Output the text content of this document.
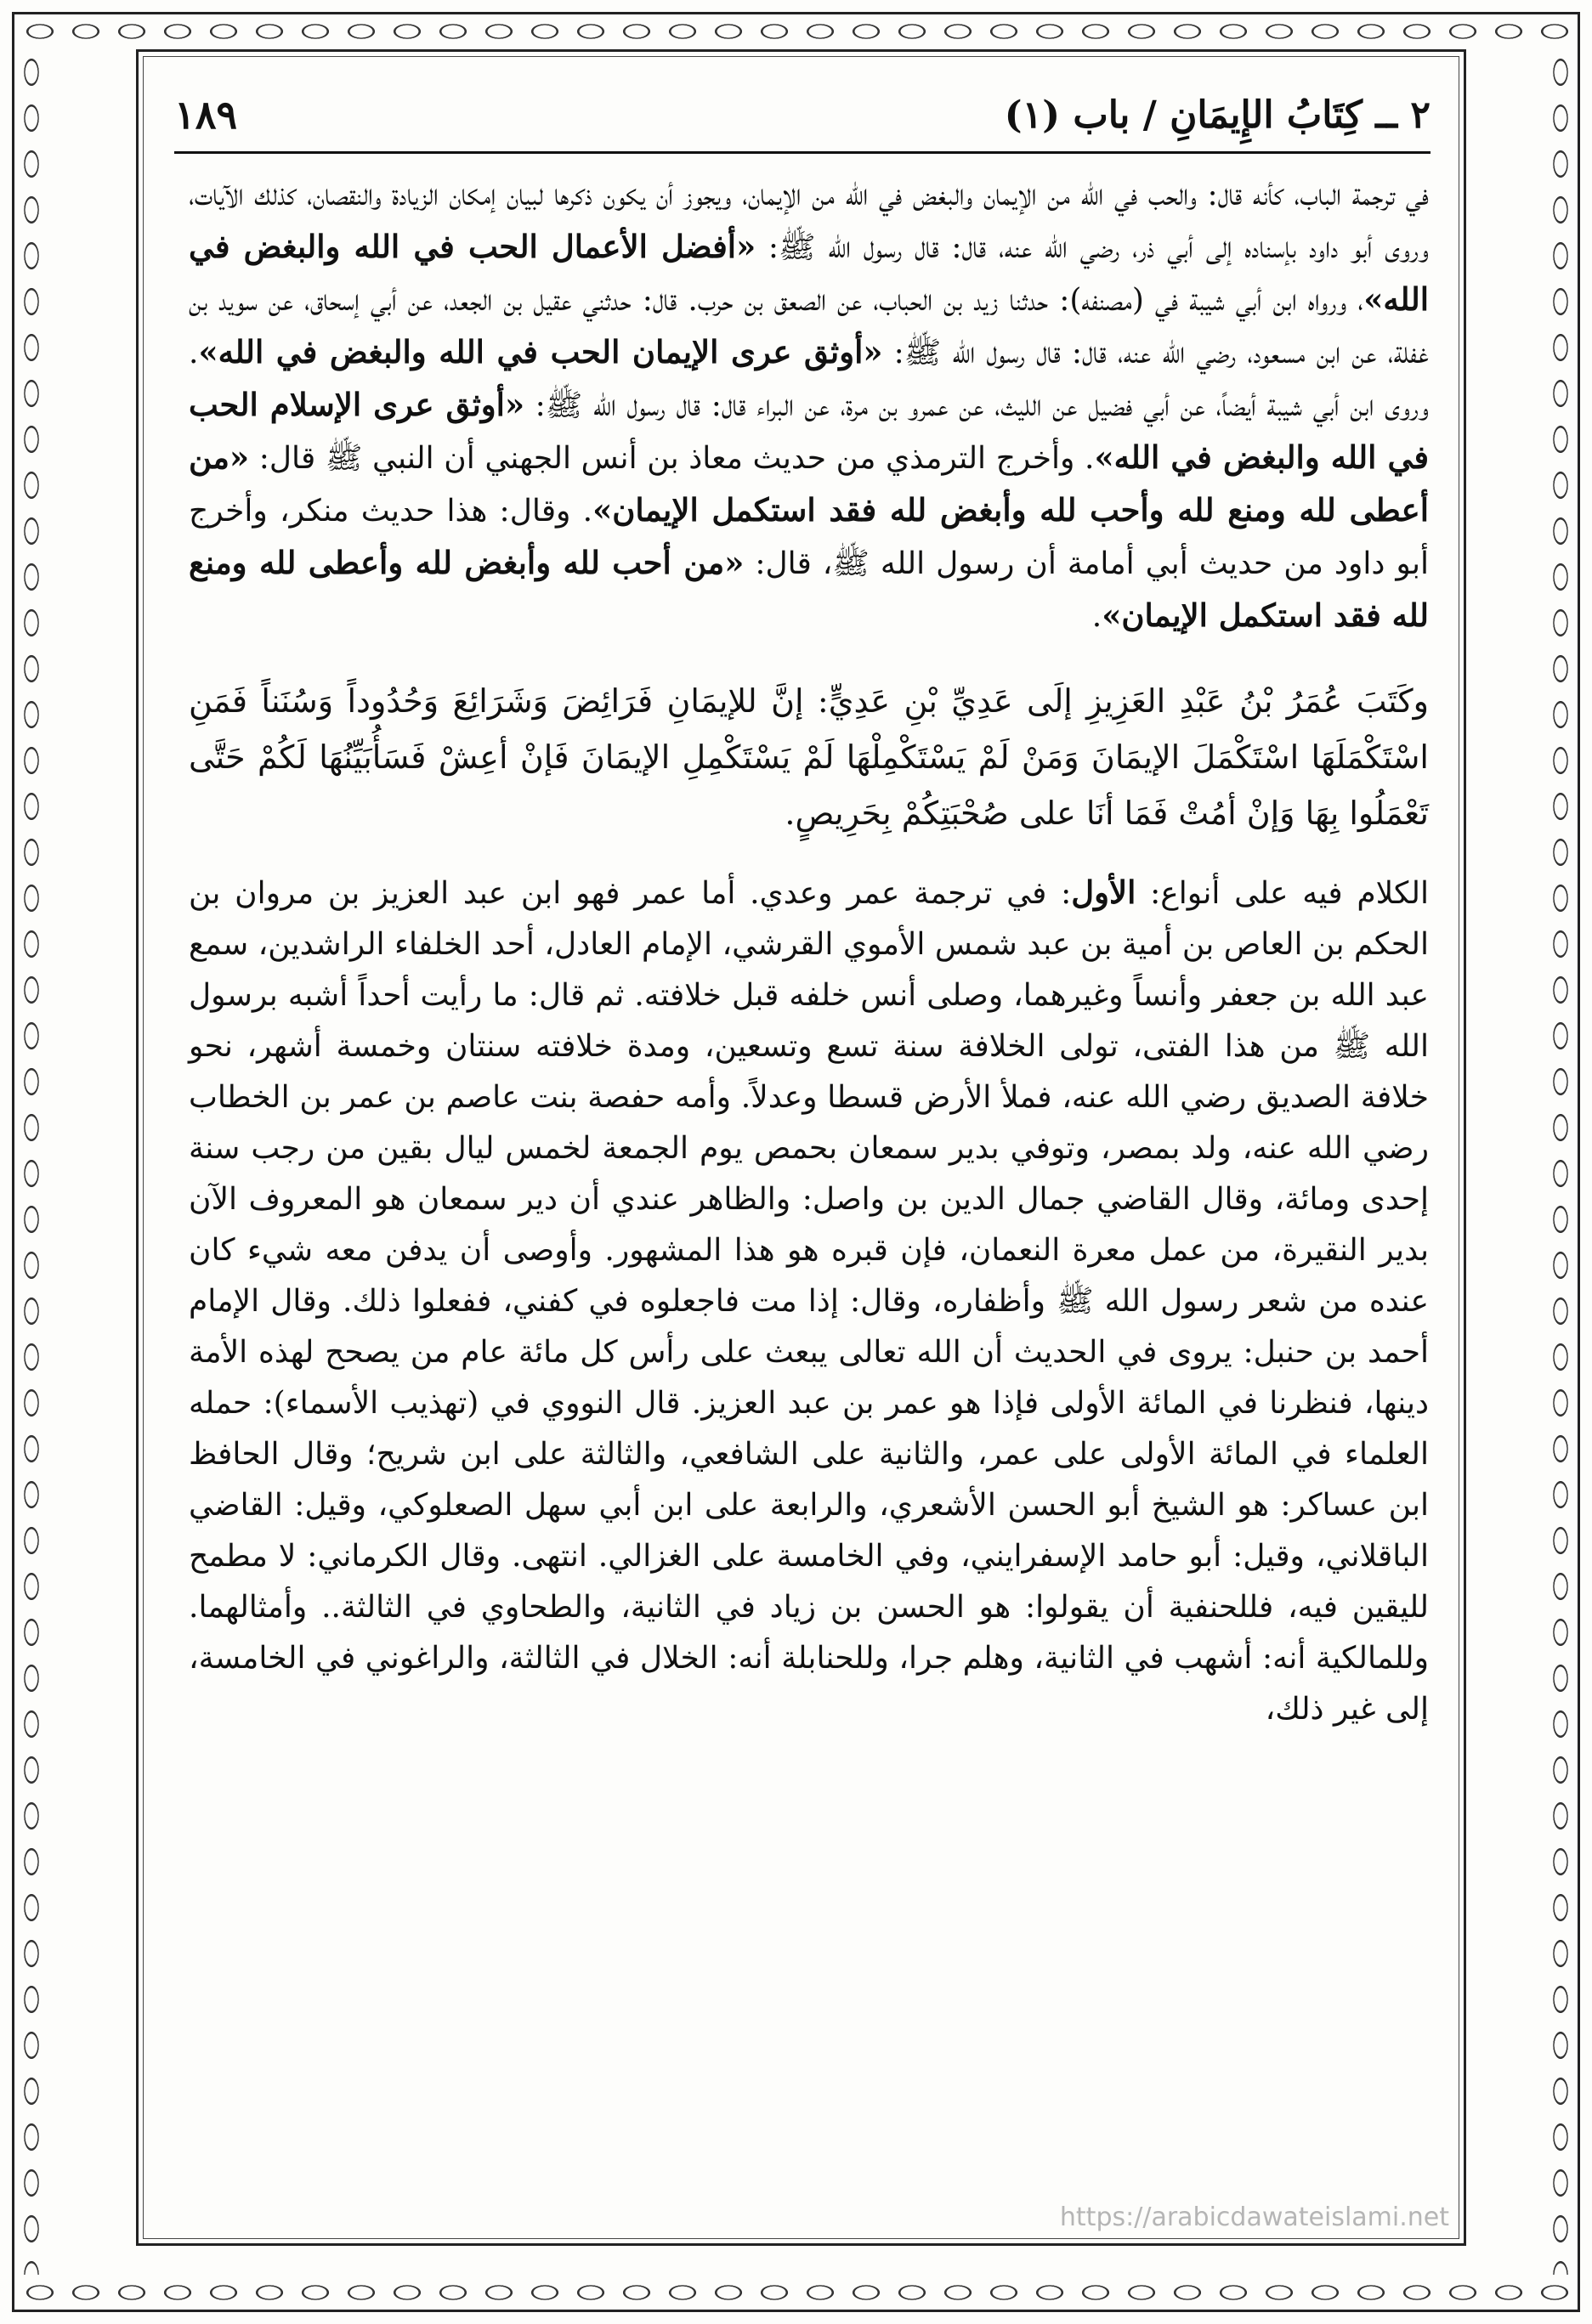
٢ ــ كِتَابُ الإِيمَانِ / باب (١)
١٨٩

في ترجمة الباب، كأنه قال: والحب في الله من الإيمان والبغض في الله من الإيمان، ويجوز أن يكون ذكرها لبيان إمكان الزيادة والنقصان، كذلك الآيات، وروى أبو داود بإسناده إلى أبي ذر، رضي الله عنه، قال: قال رسول الله ﷺ: «أفضل الأعمال الحب في الله والبغض في الله»، ورواه ابن أبي شيبة في (مصنفه): حدثنا زيد بن الحباب، عن الصعق بن حرب. قال: حدثني عقيل بن الجعد، عن أبي إسحاق، عن سويد بن غفلة، عن ابن مسعود، رضي الله عنه، قال: قال رسول الله ﷺ: «أوثق عرى الإيمان الحب في الله والبغض في الله». وروى ابن أبي شيبة أيضاً، عن أبي فضيل عن الليث، عن عمرو بن مرة، عن البراء قال: قال رسول الله ﷺ: «أوثق عرى الإسلام الحب في الله والبغض في الله». وأخرج الترمذي من حديث معاذ بن أنس الجهني أن النبي ﷺ قال: «من أعطى لله ومنع لله وأحب لله وأبغض لله فقد استكمل الإيمان». وقال: هذا حديث منكر، وأخرج أبو داود من حديث أبي أمامة أن رسول الله ﷺ، قال: «من أحب لله وأبغض لله وأعطى لله ومنع لله فقد استكمل الإيمان».

وكَتَبَ عُمَرُ بْنُ عَبْدِ العَزِيزِ إلَى عَدِيِّ بْنِ عَدِيٍّ: إنَّ للإيمَانِ فَرَائِضَ وَشَرَائِعَ وَحُدُوداً وَسُنَناً فَمَنِ اسْتَكْمَلَهَا اسْتَكْمَلَ الإيمَانَ وَمَنْ لَمْ يَسْتَكْمِلْهَا لَمْ يَسْتَكْمِلِ الإيمَانَ فَإنْ أعِشْ فَسَأُبَيِّنُهَا لَكُمْ حَتَّى تَعْمَلُوا بِهَا وَإنْ أمُتْ فَمَا أنَا على صُحْبَتِكُمْ بِحَرِيصٍ.

الكلام فيه على أنواع: الأول: في ترجمة عمر وعدي. أما عمر فهو ابن عبد العزيز بن مروان بن الحكم بن العاص بن أمية بن عبد شمس الأموي القرشي، الإمام العادل، أحد الخلفاء الراشدين، سمع عبد الله بن جعفر وأنساً وغيرهما، وصلى أنس خلفه قبل خلافته. ثم قال: ما رأيت أحداً أشبه برسول الله ﷺ من هذا الفتى، تولى الخلافة سنة تسع وتسعين، ومدة خلافته سنتان وخمسة أشهر، نحو خلافة الصديق رضي الله عنه، فملأ الأرض قسطا وعدلاً. وأمه حفصة بنت عاصم بن عمر بن الخطاب رضي الله عنه، ولد بمصر، وتوفي بدير سمعان بحمص يوم الجمعة لخمس ليال بقين من رجب سنة إحدى ومائة، وقال القاضي جمال الدين بن واصل: والظاهر عندي أن دير سمعان هو المعروف الآن بدير النقيرة، من عمل معرة النعمان، فإن قبره هو هذا المشهور. وأوصى أن يدفن معه شيء كان عنده من شعر رسول الله ﷺ وأظفاره، وقال: إذا مت فاجعلوه في كفني، ففعلوا ذلك. وقال الإمام أحمد بن حنبل: يروى في الحديث أن الله تعالى يبعث على رأس كل مائة عام من يصحح لهذه الأمة دينها، فنظرنا في المائة الأولى فإذا هو عمر بن عبد العزيز. قال النووي في (تهذيب الأسماء): حمله العلماء في المائة الأولى على عمر، والثانية على الشافعي، والثالثة على ابن شريح؛ وقال الحافظ ابن عساكر: هو الشيخ أبو الحسن الأشعري، والرابعة على ابن أبي سهل الصعلوكي، وقيل: القاضي الباقلاني، وقيل: أبو حامد الإسفرايني، وفي الخامسة على الغزالي. انتهى. وقال الكرماني: لا مطمح لليقين فيه، فللحنفية أن يقولوا: هو الحسن بن زياد في الثانية، والطحاوي في الثالثة.. وأمثالهما. وللمالكية أنه: أشهب في الثانية، وهلم جرا، وللحنابلة أنه: الخلال في الثالثة، والراغوني في الخامسة، إلى غير ذلك،

https://arabicdawateislami.net
